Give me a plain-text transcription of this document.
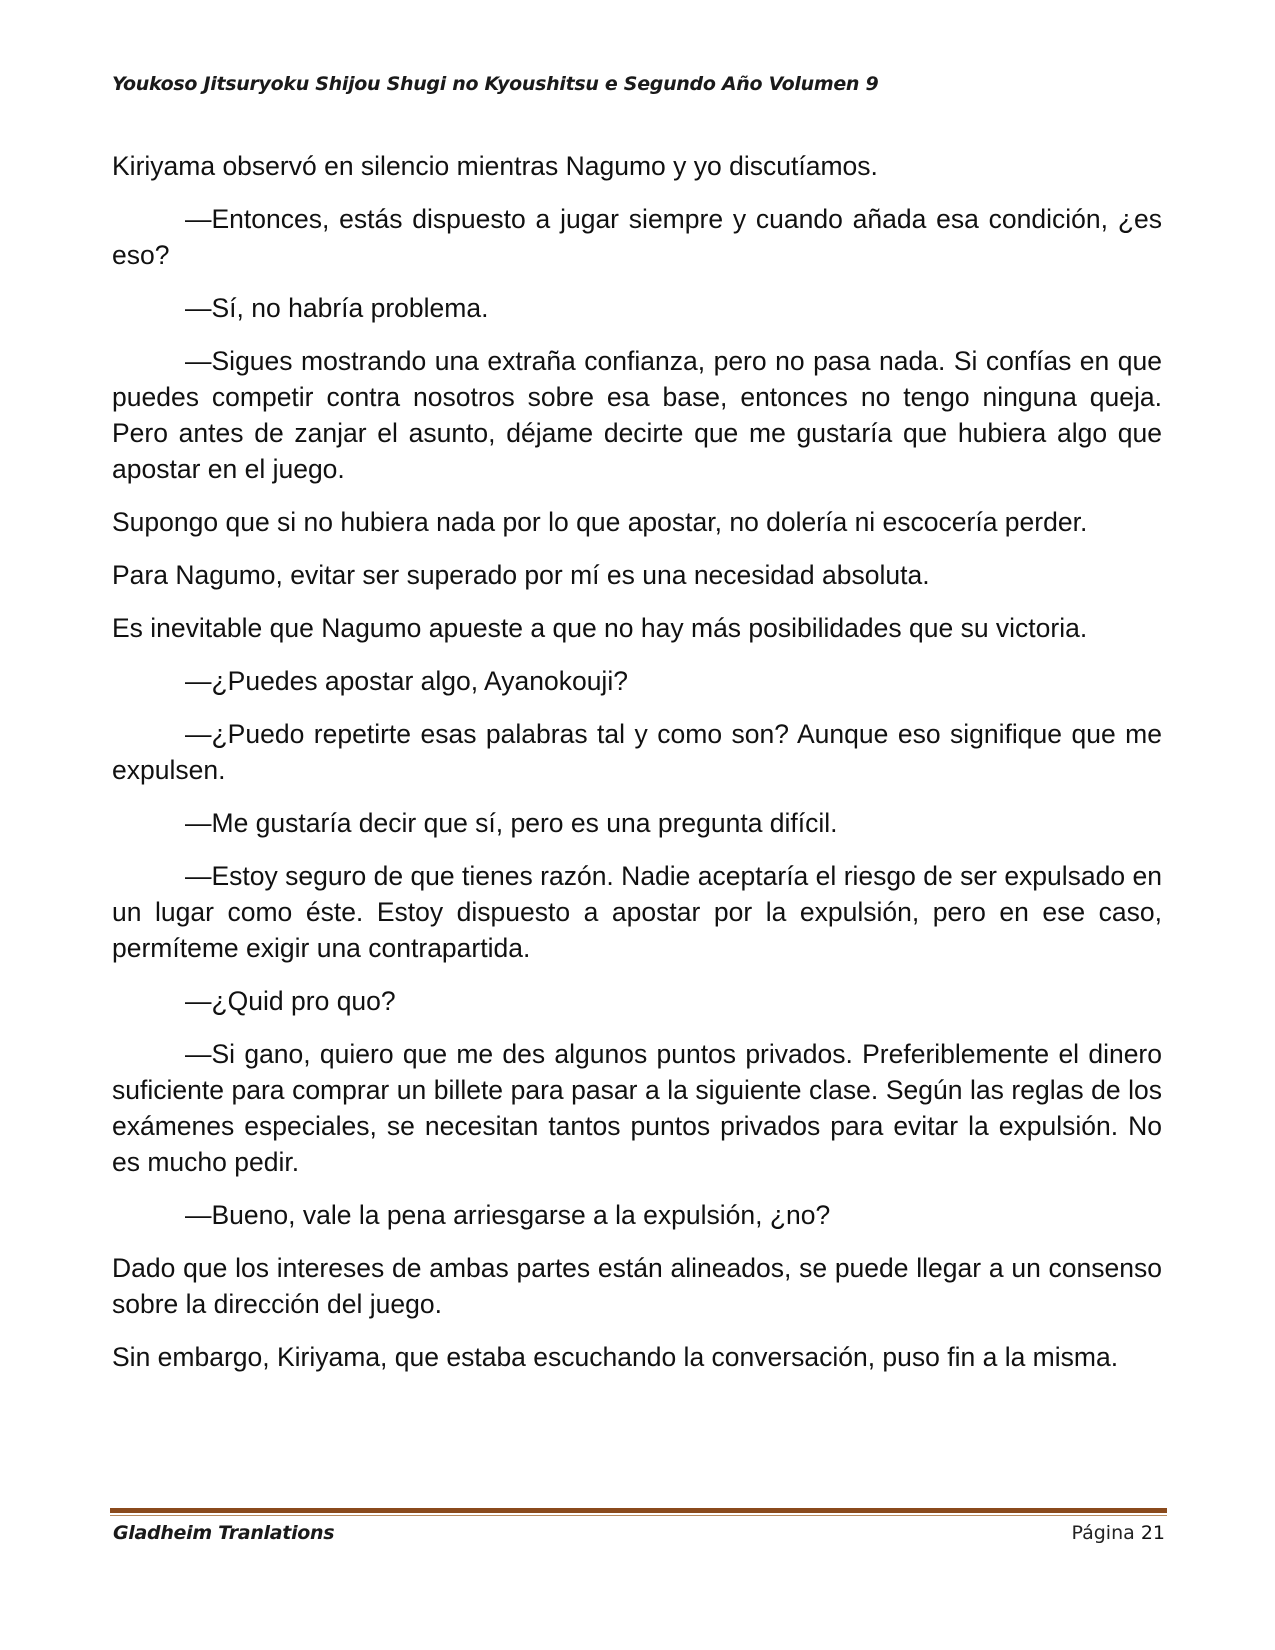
Youkoso Jitsuryoku Shijou Shugi no Kyoushitsu e Segundo Año Volumen 9

Kiriyama observó en silencio mientras Nagumo y yo discutíamos.

—Entonces, estás dispuesto a jugar siempre y cuando añada esa condición, ¿es eso?

—Sí, no habría problema.

—Sigues mostrando una extraña confianza, pero no pasa nada. Si confías en que puedes competir contra nosotros sobre esa base, entonces no tengo ninguna queja. Pero antes de zanjar el asunto, déjame decirte que me gustaría que hubiera algo que apostar en el juego.

Supongo que si no hubiera nada por lo que apostar, no dolería ni escocería perder.

Para Nagumo, evitar ser superado por mí es una necesidad absoluta.

Es inevitable que Nagumo apueste a que no hay más posibilidades que su victoria.

—¿Puedes apostar algo, Ayanokouji?

—¿Puedo repetirte esas palabras tal y como son? Aunque eso signifique que me expulsen.

—Me gustaría decir que sí, pero es una pregunta difícil.

—Estoy seguro de que tienes razón. Nadie aceptaría el riesgo de ser expulsado en un lugar como éste. Estoy dispuesto a apostar por la expulsión, pero en ese caso, permíteme exigir una contrapartida.

—¿Quid pro quo?

—Si gano, quiero que me des algunos puntos privados. Preferiblemente el dinero suficiente para comprar un billete para pasar a la siguiente clase. Según las reglas de los exámenes especiales, se necesitan tantos puntos privados para evitar la expulsión. No es mucho pedir.

—Bueno, vale la pena arriesgarse a la expulsión, ¿no?

Dado que los intereses de ambas partes están alineados, se puede llegar a un consenso sobre la dirección del juego.

Sin embargo, Kiriyama, que estaba escuchando la conversación, puso fin a la misma.

Gladheim Tranlations	Página 21
